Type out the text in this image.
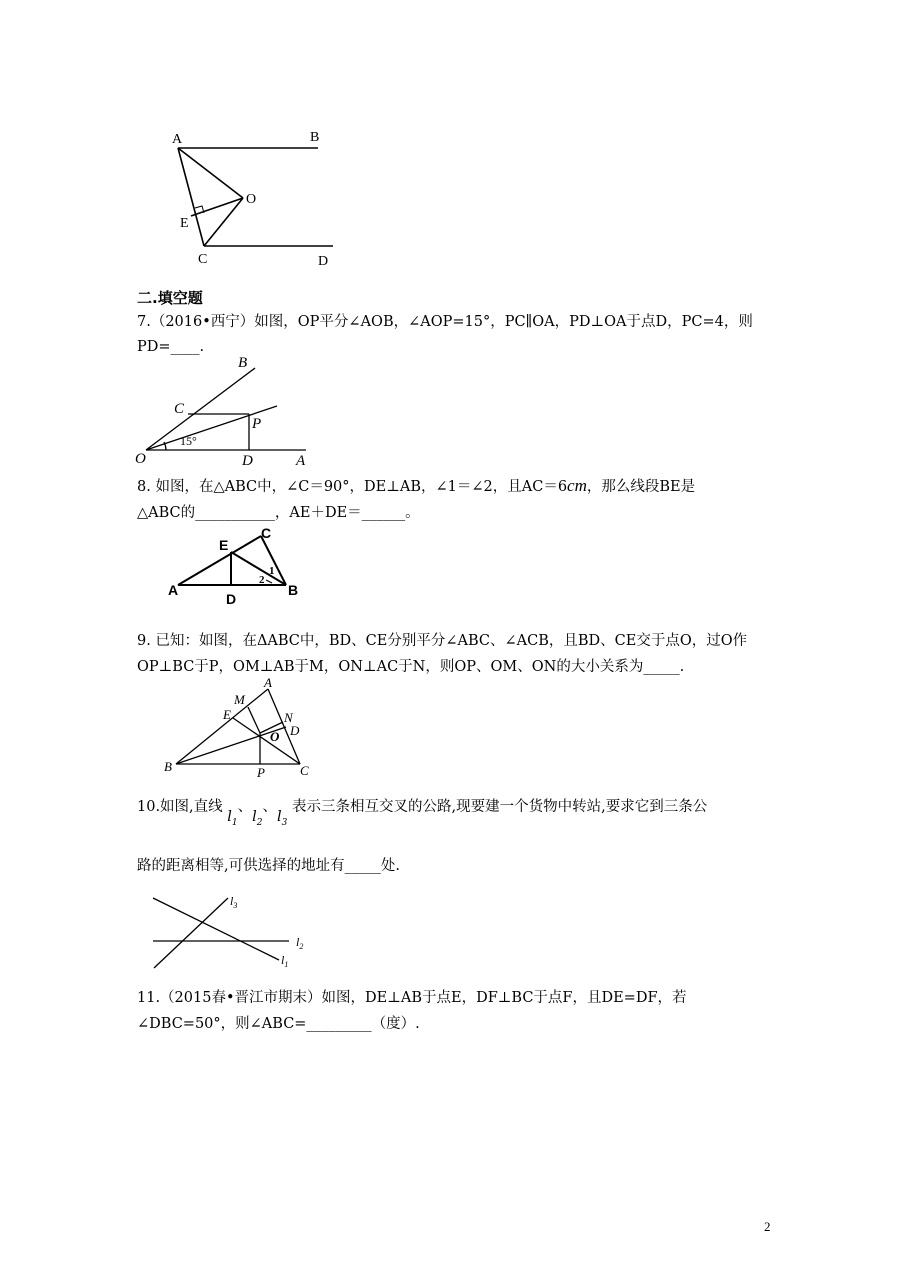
A	B
O
E
C	D
二.填空题
7.（2016•西宁）如图，OP平分∠AOB，∠AOP=15°，PC∥OA，PD⊥OA于点D，PC=4，则
PD=____.
B
C
P
O	D	A
15°
8. 如图，在△ABC中，∠C＝90°，DE⊥AB，∠1＝∠2，且AC＝6cm，那么线段BE是
△ABC的___________，AE＋DE＝______。
E
C
A
D
B
1
2
9. 已知：如图，在ΔABC中，BD、CE分别平分∠ABC、∠ACB，且BD、CE交于点O，过O作
OP⊥BC于P，OM⊥AB于M，ON⊥AC于N，则OP、OM、ON的大小关系为_____.
A
M
E	N
D
O
B	P	C
10.如图,直线 $l_1$、$l_2$、$l_3$ 表示三条相互交叉的公路,现要建一个货物中转站,要求它到三条公
路的距离相等,可供选择的地址有_____处.
$l_3$
$l_2$
$l_1$
11.（2015春•晋江市期末）如图，DE⊥AB于点E，DF⊥BC于点F，且DE=DF，若
∠DBC=50°，则∠ABC=_________（度）.
2
